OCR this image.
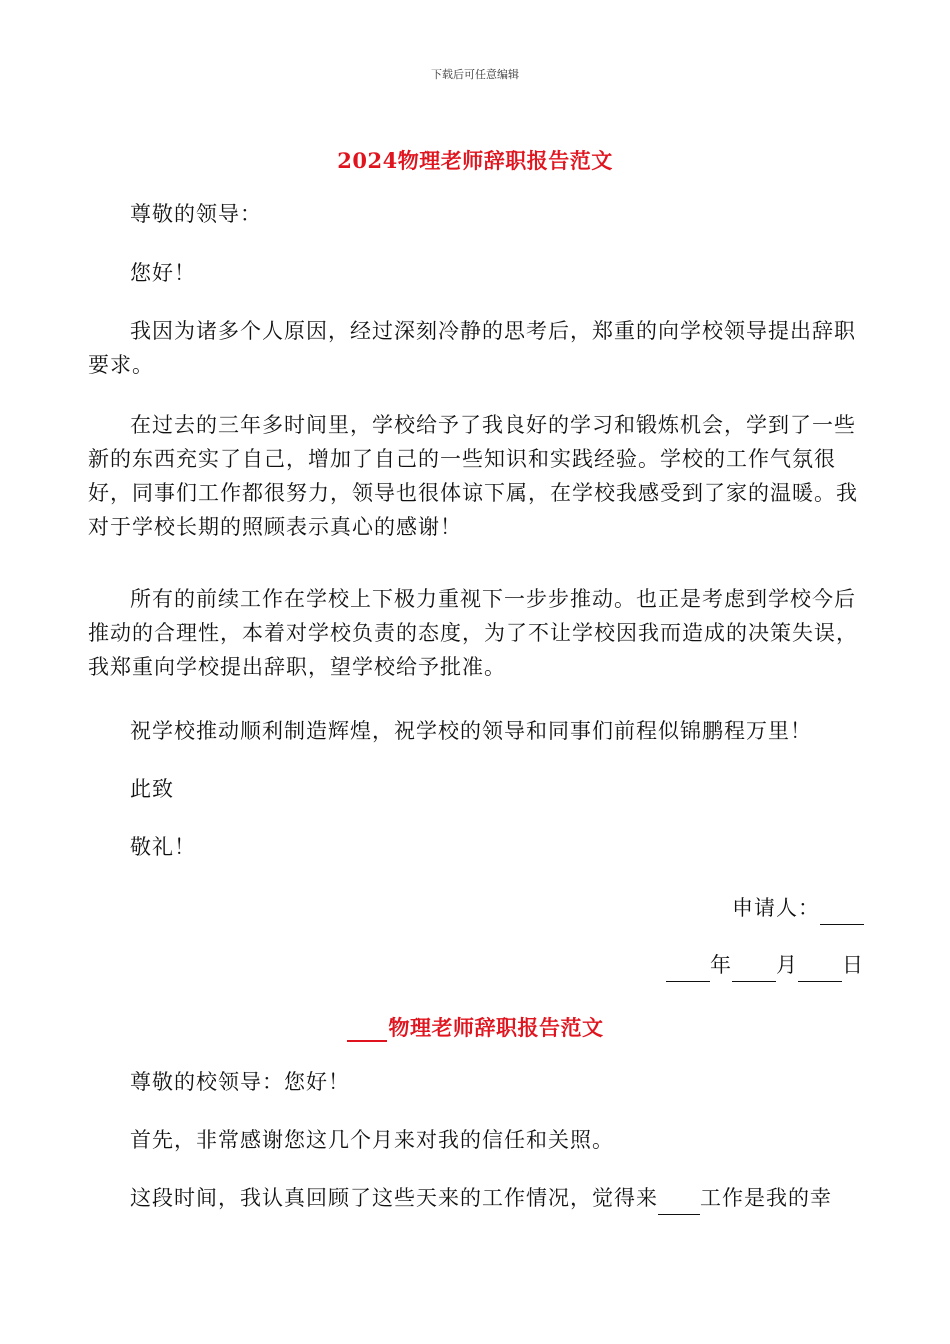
下载后可任意编辑
2024物理老师辞职报告范文
尊敬的领导：
您好！
我因为诸多个人原因，经过深刻冷静的思考后，郑重的向学校领导提出辞职要求。
在过去的三年多时间里，学校给予了我良好的学习和锻炼机会，学到了一些新的东西充实了自己，增加了自己的一些知识和实践经验。学校的工作气氛很好，同事们工作都很努力，领导也很体谅下属，在学校我感受到了家的温暖。我对于学校长期的照顾表示真心的感谢！
所有的前续工作在学校上下极力重视下一步步推动。也正是考虑到学校今后推动的合理性，本着对学校负责的态度，为了不让学校因我而造成的决策失误，我郑重向学校提出辞职，望学校给予批准。
祝学校推动顺利制造辉煌，祝学校的领导和同事们前程似锦鹏程万里！
此致
敬礼！
申请人：
年 月 日
物理老师辞职报告范文
尊敬的校领导：您好！
首先，非常感谢您这几个月来对我的信任和关照。
这段时间，我认真回顾了这些天来的工作情况，觉得来 工作是我的幸
